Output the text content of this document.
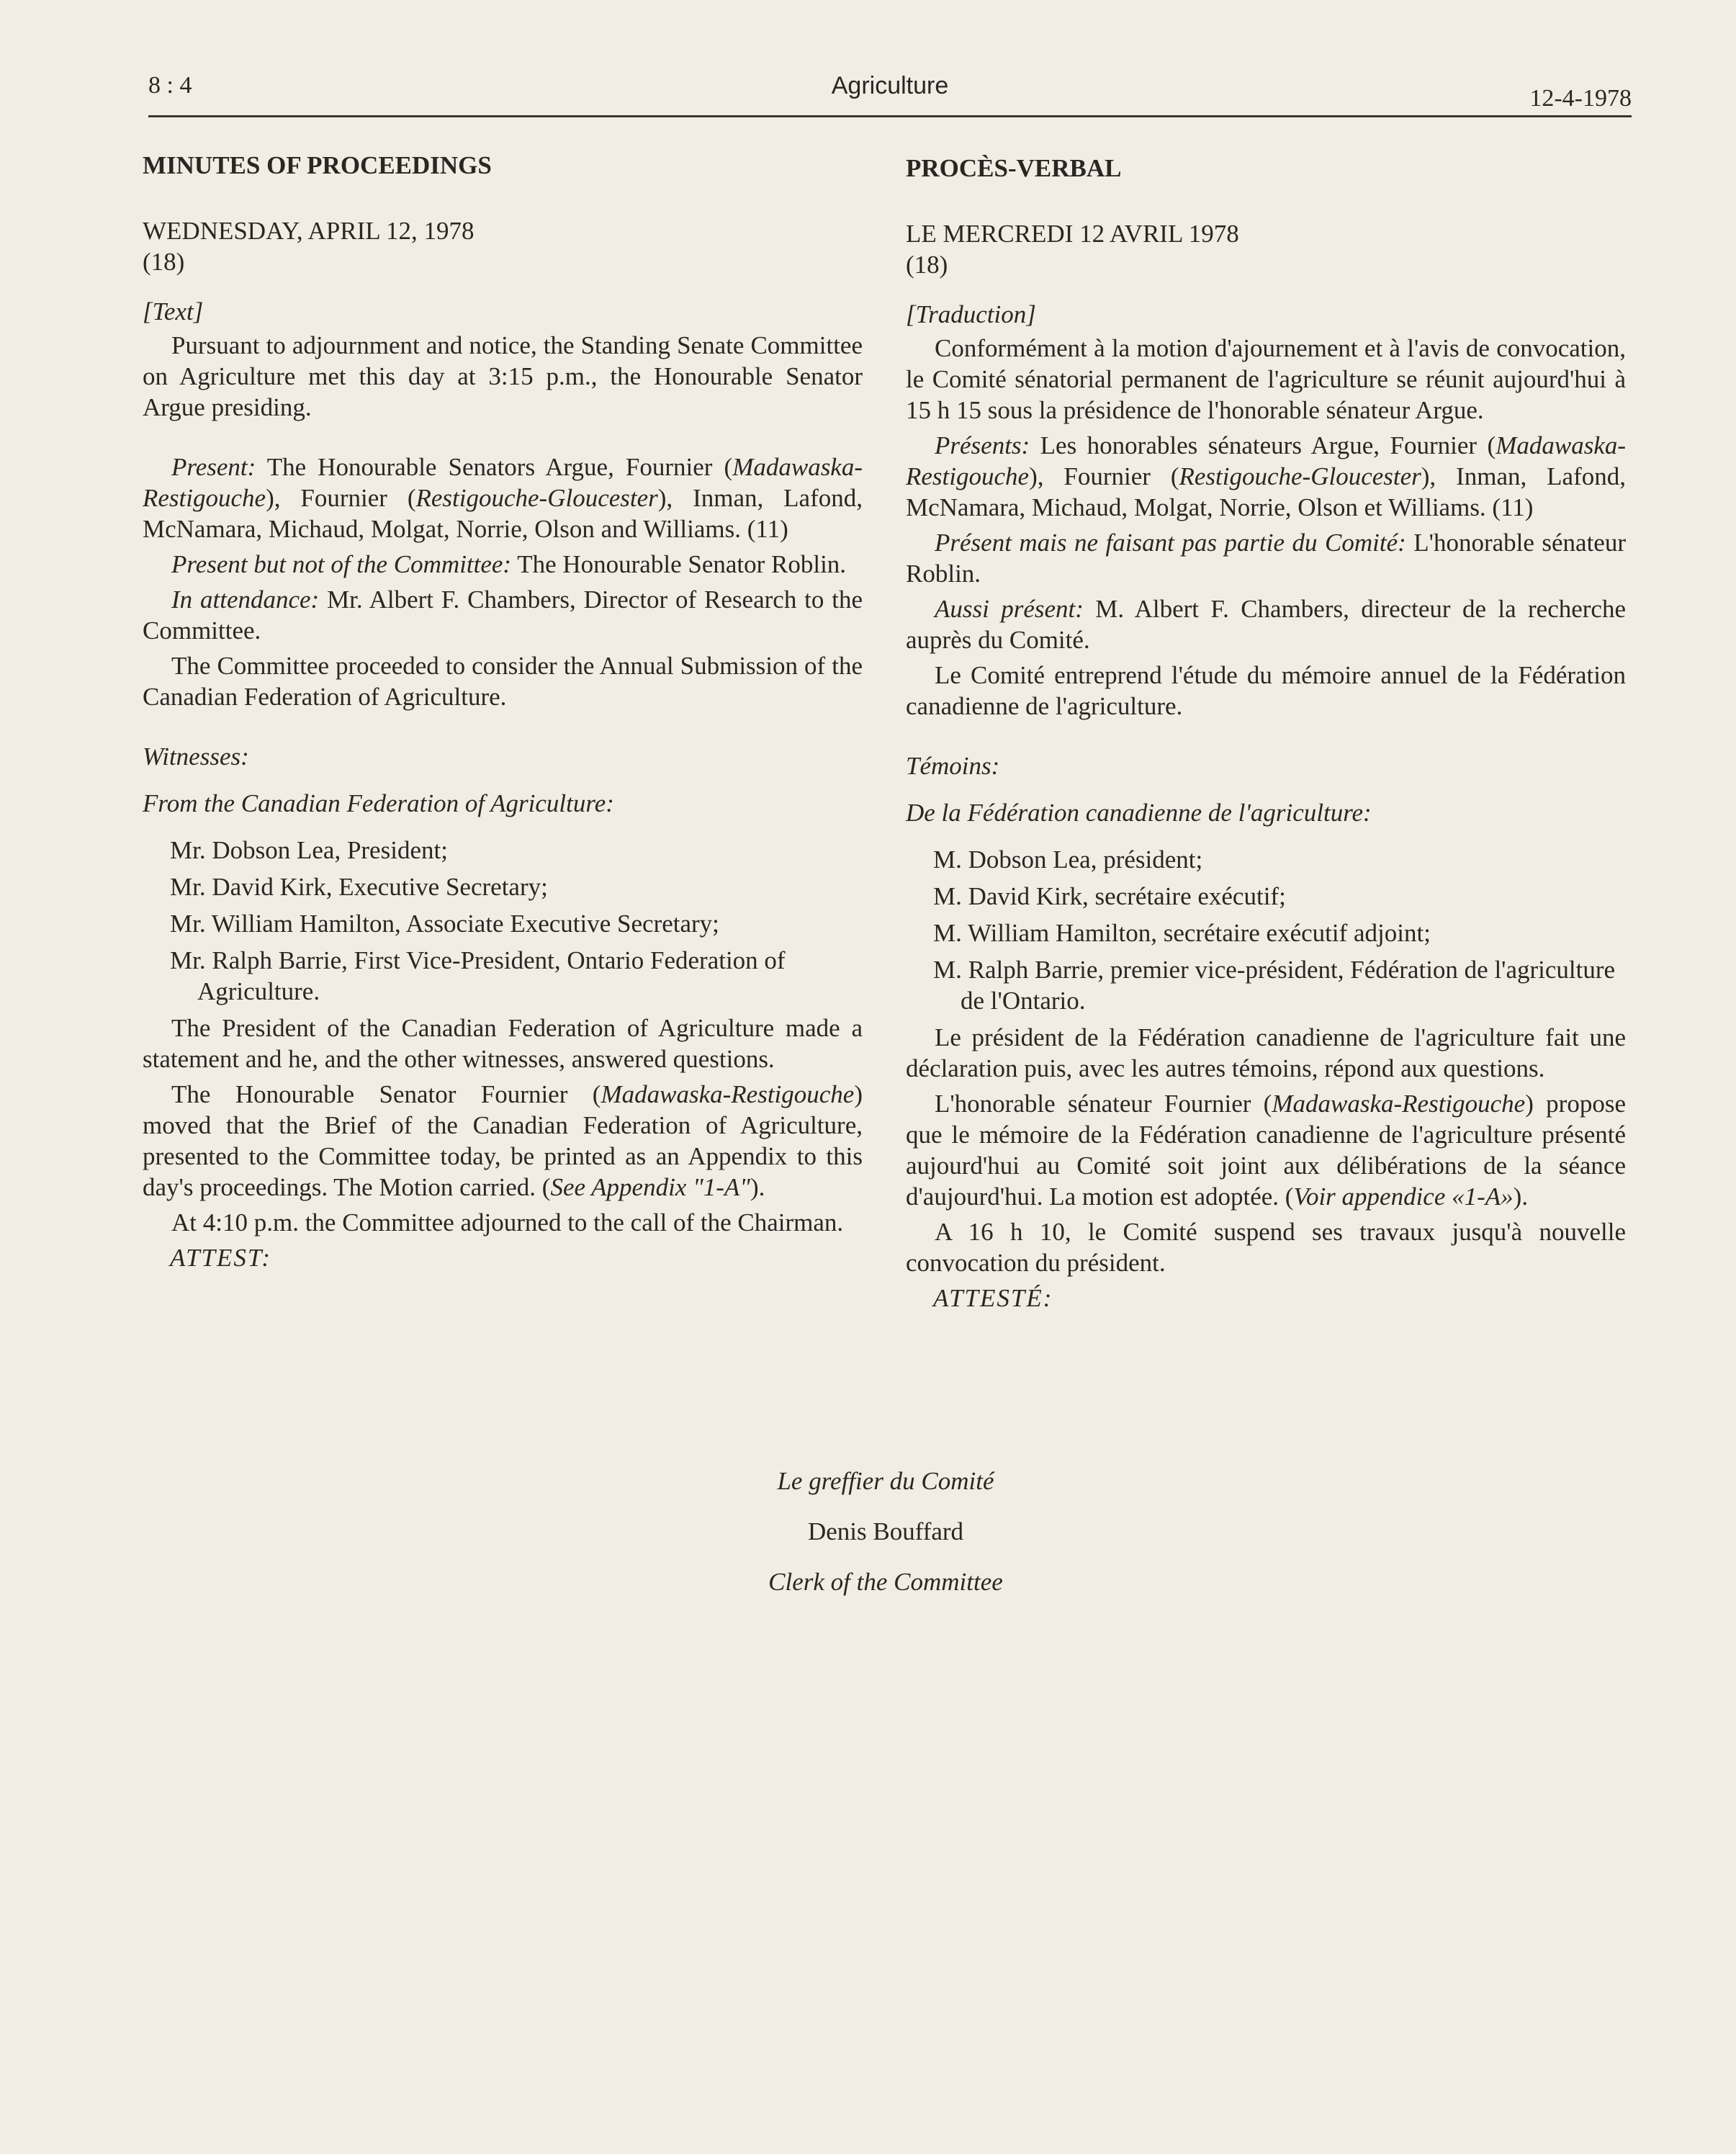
8 : 4	Agriculture	12-4-1978

MINUTES OF PROCEEDINGS

WEDNESDAY, APRIL 12, 1978

(18)

[Text]

Pursuant to adjournment and notice, the Standing Senate Committee on Agriculture met this day at 3:15 p.m., the Honourable Senator Argue presiding.

Present: The Honourable Senators Argue, Fournier (Madawaska-Restigouche), Fournier (Restigouche-Gloucester), Inman, Lafond, McNamara, Michaud, Molgat, Norrie, Olson and Williams. (11)

Present but not of the Committee: The Honourable Senator Roblin.

In attendance: Mr. Albert F. Chambers, Director of Research to the Committee.

The Committee proceeded to consider the Annual Submission of the Canadian Federation of Agriculture.

Witnesses:

From the Canadian Federation of Agriculture:

Mr. Dobson Lea, President;

Mr. David Kirk, Executive Secretary;

Mr. William Hamilton, Associate Executive Secretary;

Mr. Ralph Barrie, First Vice-President, Ontario Federation of Agriculture.

The President of the Canadian Federation of Agriculture made a statement and he, and the other witnesses, answered questions.

The Honourable Senator Fournier (Madawaska-Restigouche) moved that the Brief of the Canadian Federation of Agriculture, presented to the Committee today, be printed as an Appendix to this day's proceedings. The Motion carried. (See Appendix "1-A").

At 4:10 p.m. the Committee adjourned to the call of the Chairman.

ATTEST:

PROCÈS-VERBAL

LE MERCREDI 12 AVRIL 1978

(18)

[Traduction]

Conformément à la motion d'ajournement et à l'avis de convocation, le Comité sénatorial permanent de l'agriculture se réunit aujourd'hui à 15 h 15 sous la présidence de l'honorable sénateur Argue.

Présents: Les honorables sénateurs Argue, Fournier (Madawaska-Restigouche), Fournier (Restigouche-Gloucester), Inman, Lafond, McNamara, Michaud, Molgat, Norrie, Olson et Williams. (11)

Présent mais ne faisant pas partie du Comité: L'honorable sénateur Roblin.

Aussi présent: M. Albert F. Chambers, directeur de la recherche auprès du Comité.

Le Comité entreprend l'étude du mémoire annuel de la Fédération canadienne de l'agriculture.

Témoins:

De la Fédération canadienne de l'agriculture:

M. Dobson Lea, président;

M. David Kirk, secrétaire exécutif;

M. William Hamilton, secrétaire exécutif adjoint;

M. Ralph Barrie, premier vice-président, Fédération de l'agriculture de l'Ontario.

Le président de la Fédération canadienne de l'agriculture fait une déclaration puis, avec les autres témoins, répond aux questions.

L'honorable sénateur Fournier (Madawaska-Restigouche) propose que le mémoire de la Fédération canadienne de l'agriculture présenté aujourd'hui au Comité soit joint aux délibérations de la séance d'aujourd'hui. La motion est adoptée. (Voir appendice «1-A»).

A 16 h 10, le Comité suspend ses travaux jusqu'à nouvelle convocation du président.

ATTESTÉ:

Le greffier du Comité
Denis Bouffard
Clerk of the Committee
